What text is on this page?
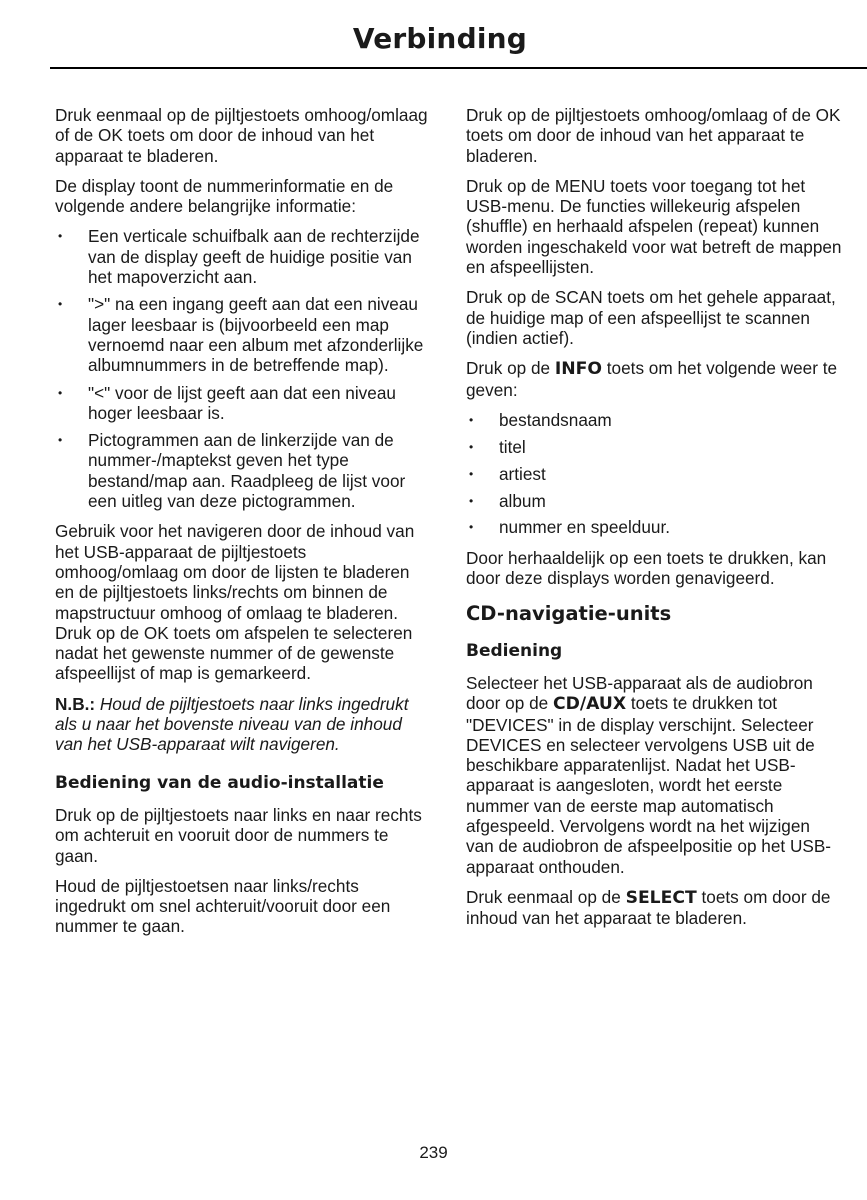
Verbinding

Druk eenmaal op de pijltjestoets omhoog/omlaag of de OK toets om door de inhoud van het apparaat te bladeren.

De display toont de nummerinformatie en de volgende andere belangrijke informatie:

• Een verticale schuifbalk aan de rechterzijde van de display geeft de huidige positie van het mapoverzicht aan.
• ">" na een ingang geeft aan dat een niveau lager leesbaar is (bijvoorbeeld een map vernoemd naar een album met afzonderlijke albumnummers in de betreffende map).
• "<" voor de lijst geeft aan dat een niveau hoger leesbaar is.
• Pictogrammen aan de linkerzijde van de nummer-/maptekst geven het type bestand/map aan. Raadpleeg de lijst voor een uitleg van deze pictogrammen.

Gebruik voor het navigeren door de inhoud van het USB-apparaat de pijltjestoets omhoog/omlaag om door de lijsten te bladeren en de pijltjestoets links/rechts om binnen de mapstructuur omhoog of omlaag te bladeren. Druk op de OK toets om afspelen te selecteren nadat het gewenste nummer of de gewenste afspeellijst of map is gemarkeerd.

N.B.: Houd de pijltjestoets naar links ingedrukt als u naar het bovenste niveau van de inhoud van het USB-apparaat wilt navigeren.

Bediening van de audio-installatie

Druk op de pijltjestoets naar links en naar rechts om achteruit en vooruit door de nummers te gaan.

Houd de pijltjestoetsen naar links/rechts ingedrukt om snel achteruit/vooruit door een nummer te gaan.

Druk op de pijltjestoets omhoog/omlaag of de OK toets om door de inhoud van het apparaat te bladeren.

Druk op de MENU toets voor toegang tot het USB-menu. De functies willekeurig afspelen (shuffle) en herhaald afspelen (repeat) kunnen worden ingeschakeld voor wat betreft de mappen en afspeellijsten.

Druk op de SCAN toets om het gehele apparaat, de huidige map of een afspeellijst te scannen (indien actief).

Druk op de INFO toets om het volgende weer te geven:

• bestandsnaam
• titel
• artiest
• album
• nummer en speelduur.

Door herhaaldelijk op een toets te drukken, kan door deze displays worden genavigeerd.

CD-navigatie-units
Bediening

Selecteer het USB-apparaat als de audiobron door op de CD/AUX toets te drukken tot "DEVICES" in de display verschijnt. Selecteer DEVICES en selecteer vervolgens USB uit de beschikbare apparatenlijst. Nadat het USB-apparaat is aangesloten, wordt het eerste nummer van de eerste map automatisch afgespeeld. Vervolgens wordt na het wijzigen van de audiobron de afspeelpositie op het USB-apparaat onthouden.

Druk eenmaal op de SELECT toets om door de inhoud van het apparaat te bladeren.

239
